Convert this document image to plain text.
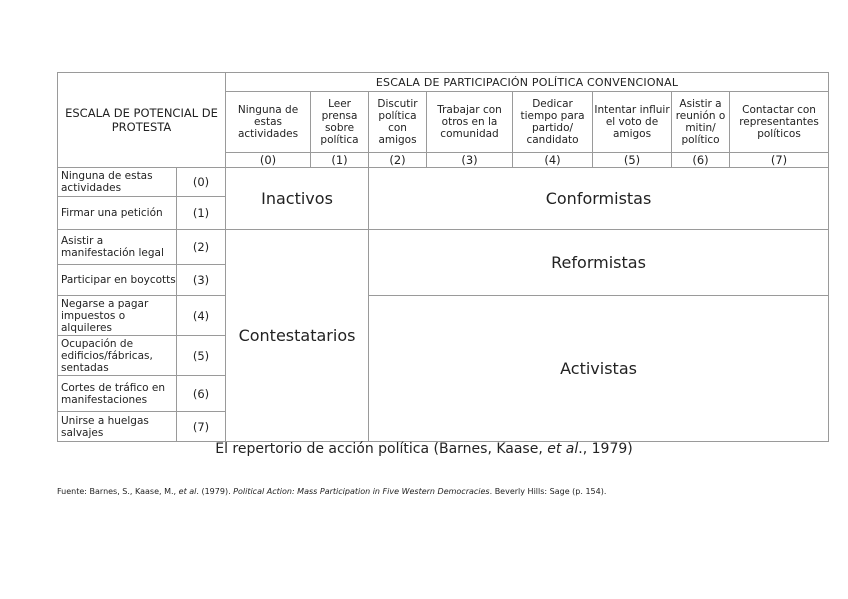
ESCALA DE POTENCIAL DE PROTESTA		ESCALA DE PARTICIPACIÓN POLÍTICA CONVENCIONAL							
		Ninguna de estas actividades	Leer prensa sobre política	Discutir política con amigos	Trabajar con otros en la comunidad	Dedicar tiempo para partido/ candidato	Intentar influir el voto de amigos	Asistir a reunión o mitin/ político	Contactar con representantes políticos
		(0)	(1)	(2)	(3)	(4)	(5)	(6)	(7)
Ninguna de estas actividades	(0)	Inactivos		Conformistas					
Firmar una petición	(1)								
Asistir a manifestación legal	(2)	Contestatarios		Reformistas					
Participar en boycotts	(3)								
Negarse a pagar impuestos o alquileres	(4)			Activistas					
Ocupación de edificios/fábricas, sentadas	(5)								
Cortes de tráfico en manifestaciones	(6)								
Unirse a huelgas salvajes	(7)								
El repertorio de acción política (Barnes, Kaase, et al., 1979)
Fuente: Barnes, S., Kaase, M., et al. (1979). Political Action: Mass Participation in Five Western Democracies. Beverly Hills: Sage (p. 154).
